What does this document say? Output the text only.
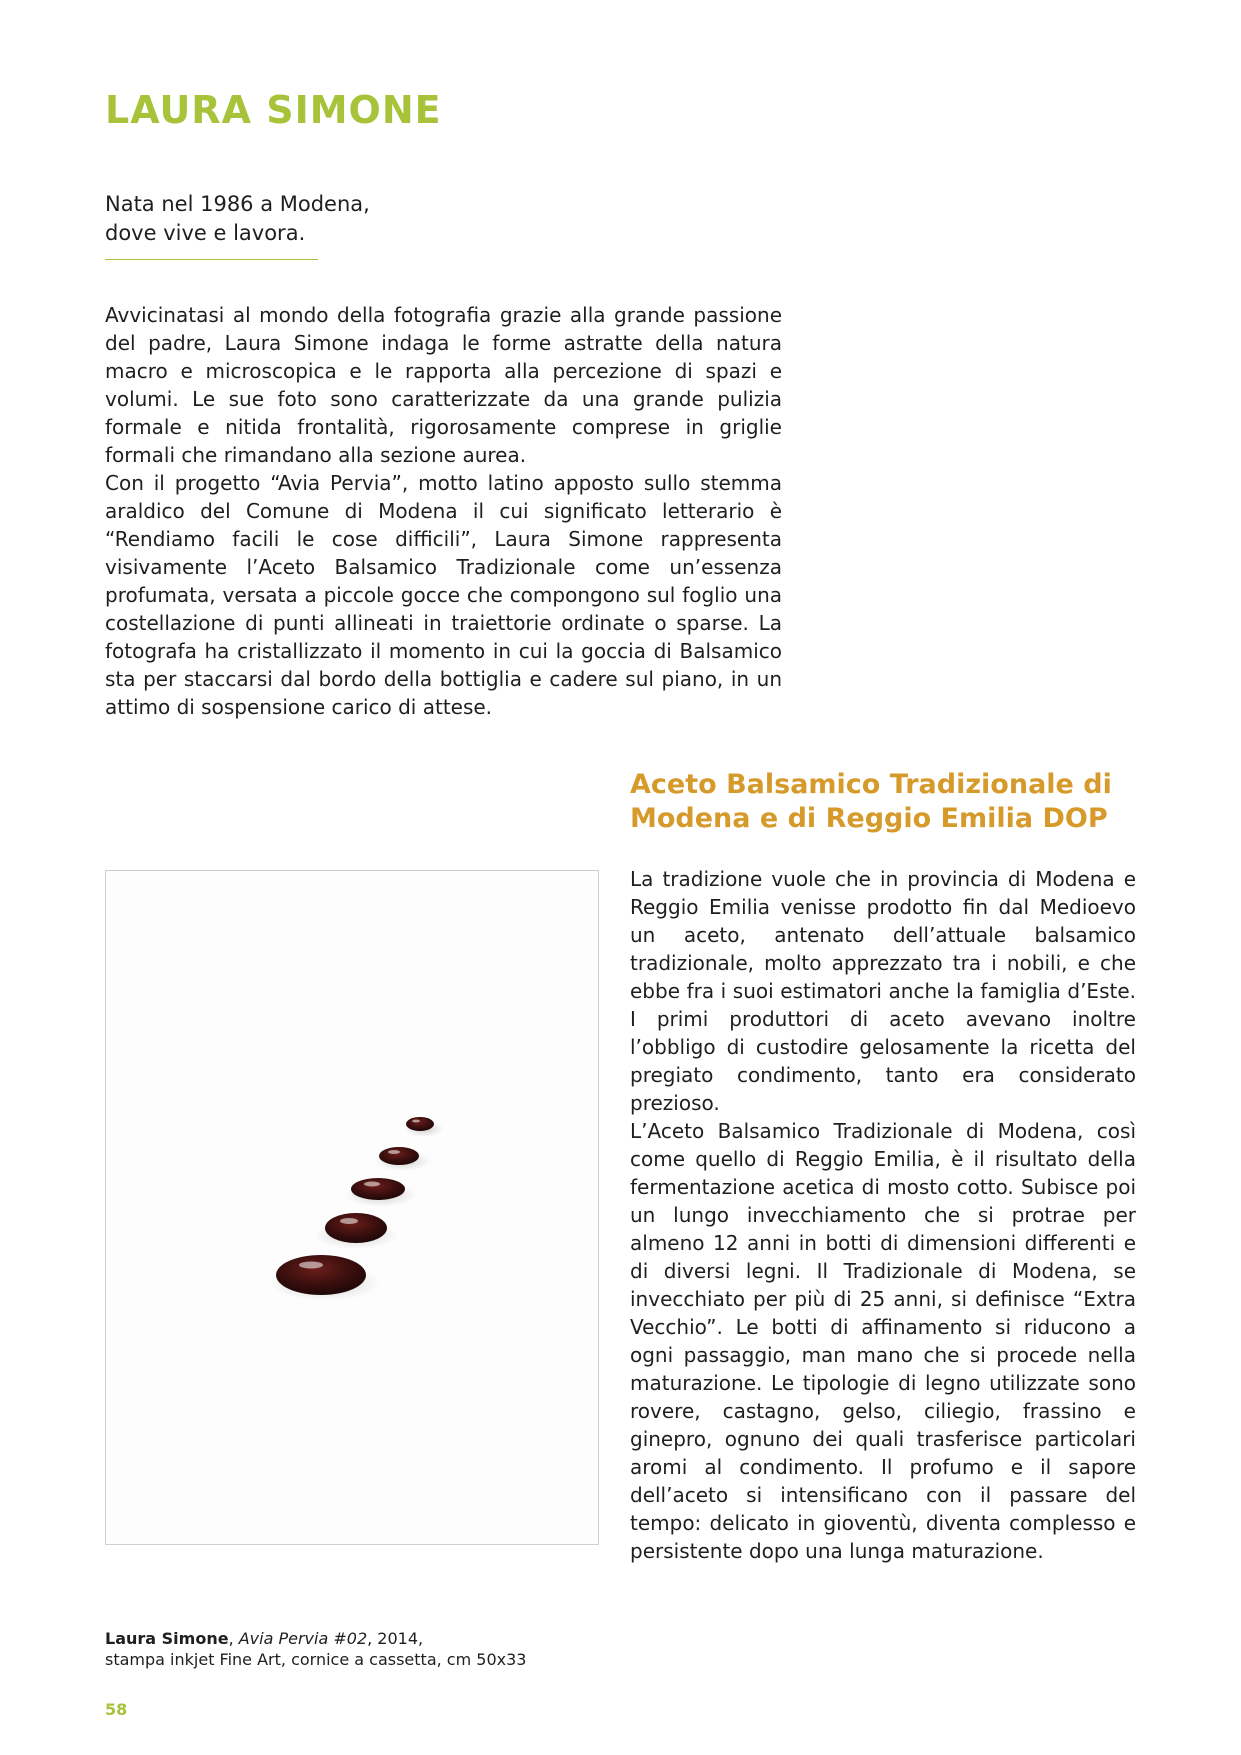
LAURA SIMONE
Nata nel 1986 a Modena,
dove vive e lavora.

Avvicinatasi al mondo della fotografia grazie alla grande passione del padre, Laura Simone indaga le forme astratte della natura macro e microscopica e le rapporta alla percezione di spazi e volumi. Le sue foto sono caratterizzate da una grande pulizia formale e nitida frontalità, rigorosamente comprese in griglie formali che rimandano alla sezione aurea.

Con il progetto “Avia Pervia”, motto latino apposto sullo stemma araldico del Comune di Modena il cui significato letterario è “Rendiamo facili le cose difficili”, Laura Simone rappresenta visivamente l’Aceto Balsamico Tradizionale come un’essenza profumata, versata a piccole gocce che compongono sul foglio una costellazione di punti allineati in traiettorie ordinate o sparse. La fotografa ha cristallizzato il momento in cui la goccia di Balsamico sta per staccarsi dal bordo della bottiglia e cadere sul piano, in un attimo di sospensione carico di attese.

Aceto Balsamico Tradizionale di Modena e di Reggio Emilia DOP

La tradizione vuole che in provincia di Modena e Reggio Emilia venisse prodotto fin dal Medioevo un aceto, antenato dell’attuale balsamico tradizionale, molto apprezzato tra i nobili, e che ebbe fra i suoi estimatori anche la famiglia d’Este. I primi produttori di aceto avevano inoltre l’obbligo di custodire gelosamente la ricetta del pregiato condimento, tanto era considerato prezioso.

L’Aceto Balsamico Tradizionale di Modena, così come quello di Reggio Emilia, è il risultato della fermentazione acetica di mosto cotto. Subisce poi un lungo invecchiamento che si protrae per almeno 12 anni in botti di dimensioni differenti e di diversi legni. Il Tradizionale di Modena, se invecchiato per più di 25 anni, si definisce “Extra Vecchio”. Le botti di affinamento si riducono a ogni passaggio, man mano che si procede nella maturazione. Le tipologie di legno utilizzate sono rovere, castagno, gelso, ciliegio, frassino e ginepro, ognuno dei quali trasferisce particolari aromi al condimento. Il profumo e il sapore dell’aceto si intensificano con il passare del tempo: delicato in gioventù, diventa complesso e persistente dopo una lunga maturazione.

Laura Simone, Avia Pervia #02, 2014,
stampa inkjet Fine Art, cornice a cassetta, cm 50x33
58
